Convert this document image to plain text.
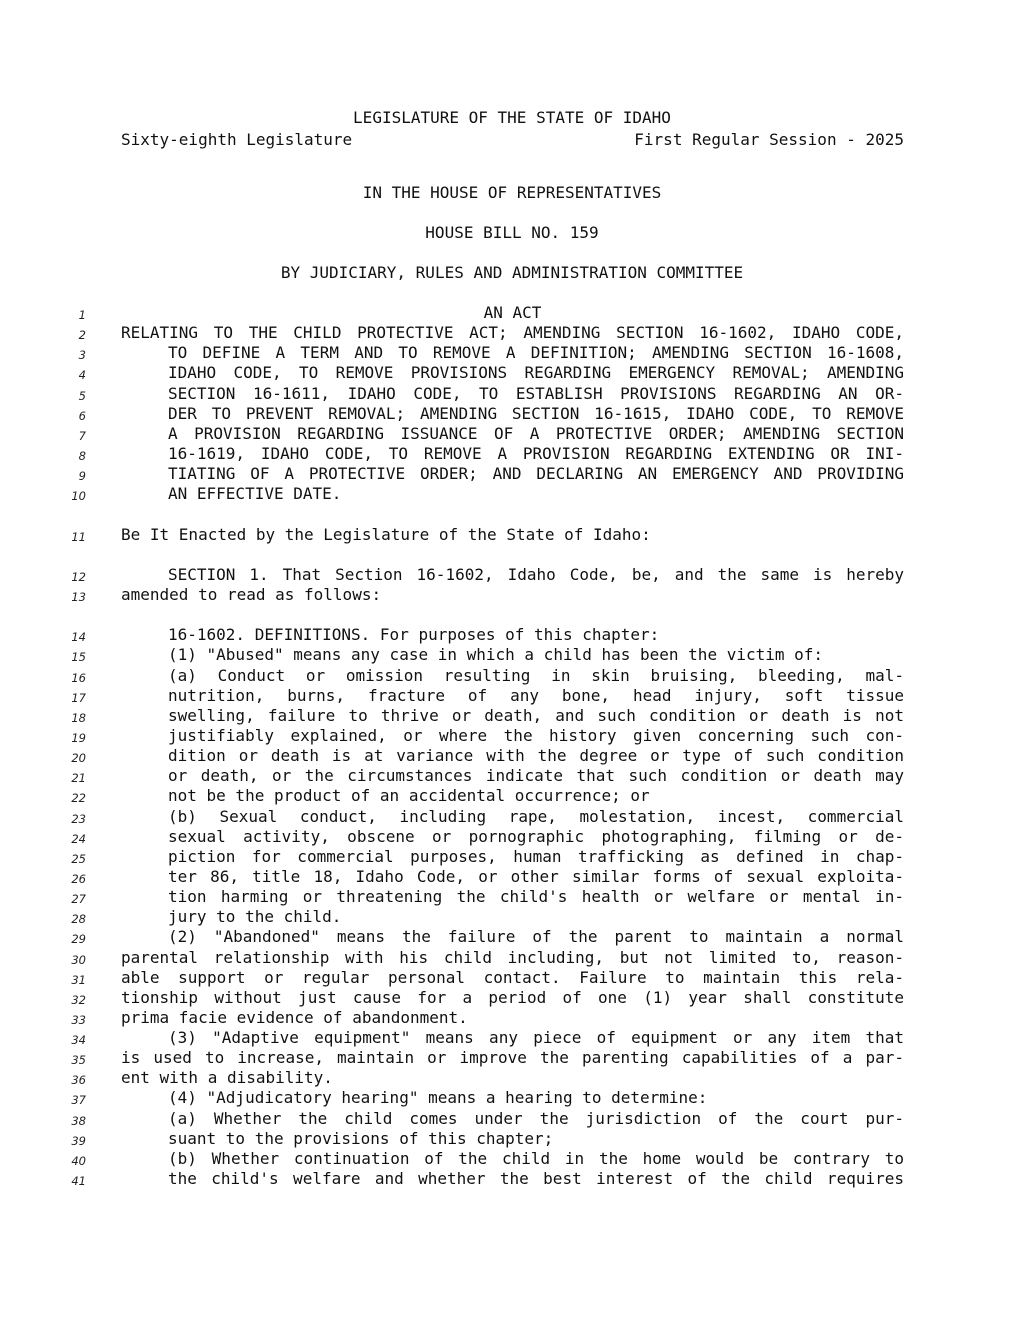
LEGISLATURE OF THE STATE OF IDAHO
Sixty-eighth Legislature	First Regular Session - 2025
IN THE HOUSE OF REPRESENTATIVES
HOUSE BILL NO. 159
BY JUDICIARY, RULES AND ADMINISTRATION COMMITTEE
1	AN ACT
2 RELATING TO THE CHILD PROTECTIVE ACT; AMENDING SECTION 16-1602, IDAHO CODE,
3	TO DEFINE A TERM AND TO REMOVE A DEFINITION; AMENDING SECTION 16-1608,
4	IDAHO CODE, TO REMOVE PROVISIONS REGARDING EMERGENCY REMOVAL; AMENDING
5	SECTION 16-1611, IDAHO CODE, TO ESTABLISH PROVISIONS REGARDING AN OR-
6	DER TO PREVENT REMOVAL; AMENDING SECTION 16-1615, IDAHO CODE, TO REMOVE
7	A PROVISION REGARDING ISSUANCE OF A PROTECTIVE ORDER; AMENDING SECTION
8	16-1619, IDAHO CODE, TO REMOVE A PROVISION REGARDING EXTENDING OR INI-
9	TIATING OF A PROTECTIVE ORDER; AND DECLARING AN EMERGENCY AND PROVIDING
10	AN EFFECTIVE DATE.
11 Be It Enacted by the Legislature of the State of Idaho:
12	SECTION 1. That Section 16-1602, Idaho Code, be, and the same is hereby
13 amended to read as follows:
14	16-1602. DEFINITIONS. For purposes of this chapter:
15	(1) "Abused" means any case in which a child has been the victim of:
16	(a) Conduct or omission resulting in skin bruising, bleeding, mal-
17	nutrition, burns, fracture of any bone, head injury, soft tissue
18	swelling, failure to thrive or death, and such condition or death is not
19	justifiably explained, or where the history given concerning such con-
20	dition or death is at variance with the degree or type of such condition
21	or death, or the circumstances indicate that such condition or death may
22	not be the product of an accidental occurrence; or
23	(b) Sexual conduct, including rape, molestation, incest, commercial
24	sexual activity, obscene or pornographic photographing, filming or de-
25	piction for commercial purposes, human trafficking as defined in chap-
26	ter 86, title 18, Idaho Code, or other similar forms of sexual exploita-
27	tion harming or threatening the child's health or welfare or mental in-
28	jury to the child.
29	(2) "Abandoned" means the failure of the parent to maintain a normal
30 parental relationship with his child including, but not limited to, reason-
31 able support or regular personal contact. Failure to maintain this rela-
32 tionship without just cause for a period of one (1) year shall constitute
33 prima facie evidence of abandonment.
34	(3) "Adaptive equipment" means any piece of equipment or any item that
35 is used to increase, maintain or improve the parenting capabilities of a par-
36 ent with a disability.
37	(4) "Adjudicatory hearing" means a hearing to determine:
38	(a) Whether the child comes under the jurisdiction of the court pur-
39	suant to the provisions of this chapter;
40	(b) Whether continuation of the child in the home would be contrary to
41	the child's welfare and whether the best interest of the child requires
